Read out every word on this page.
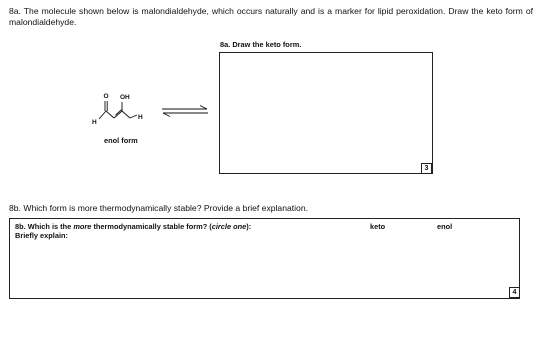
8a. The molecule shown below is malondialdehyde, which occurs naturally and is a marker for lipid peroxidation. Draw the keto form of malondialdehyde.
8a. Draw the keto form.
3
O OH
H
H ⇌
enol form
8b. Which form is more thermodynamically stable? Provide a brief explanation.
8b. Which is the more thermodynamically stable form? (circle one):
Briefly explain:
keto	enol
4
